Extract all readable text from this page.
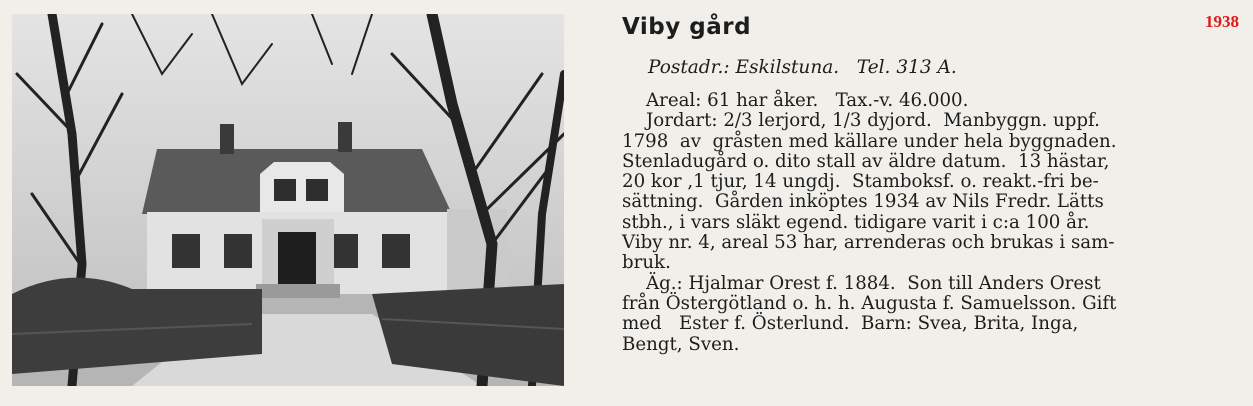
1938
Viby gård
Postadr.: Eskilstuna.   Tel. 313 A.
Areal: 61 har åker.   Tax.-v. 46.000.
Jordart: 2/3 lerjord, 1/3 dyjord.  Manbyggn. uppf.
1798  av  gråsten med källare under hela byggnaden.
Stenladugård o. dito stall av äldre datum.  13 hästar,
20 kor ,1 tjur, 14 ungdj.  Stamboksf. o. reakt.-fri be-
sättning.  Gården inköptes 1934 av Nils Fredr. Lätts
stbh., i vars släkt egend. tidigare varit i c:a 100 år.
Viby nr. 4, areal 53 har, arrenderas och brukas i sam-
bruk.
Äg.: Hjalmar Orest f. 1884.  Son till Anders Orest
från Östergötland o. h. h. Augusta f. Samuelsson. Gift
med   Ester f. Österlund.  Barn: Svea, Brita, Inga,
Bengt, Sven.
